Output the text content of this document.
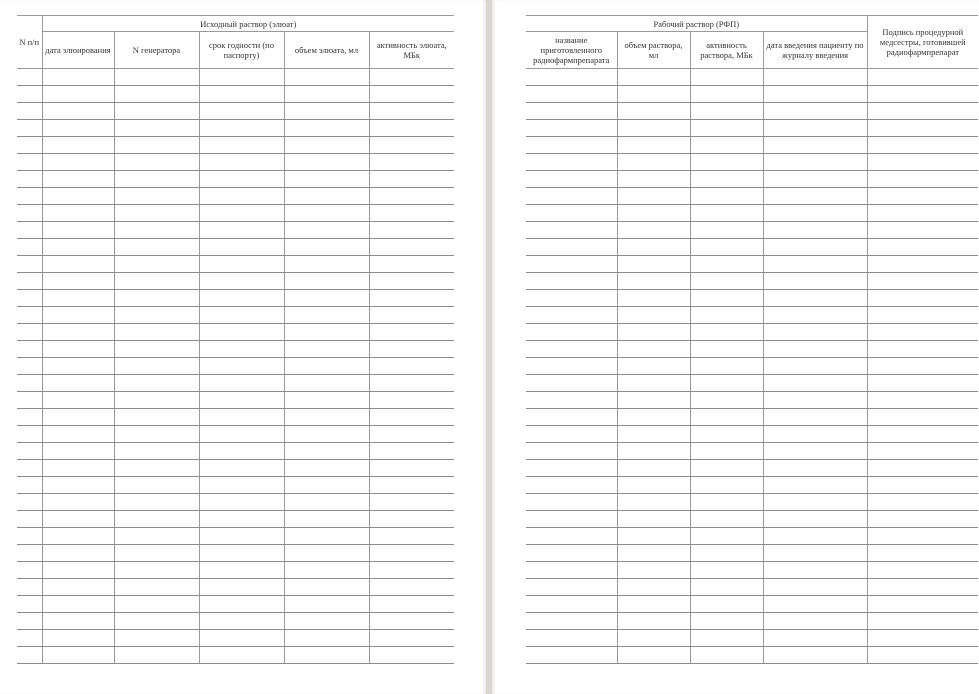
N п/п	Исходный раствор (элюат)				
	дата элюирования	N генератора	срок годности (по паспорту)	объем элюата, мл	активность элюата, МБк

Рабочий раствор (РФП)				Подпись процедурной медсестры, готовившей радиофармпрепарат
название приготовленного радиофармпрепарата	объем раствора, мл	активность раствора, МБк	дата введения пациенту по журналу введения	
